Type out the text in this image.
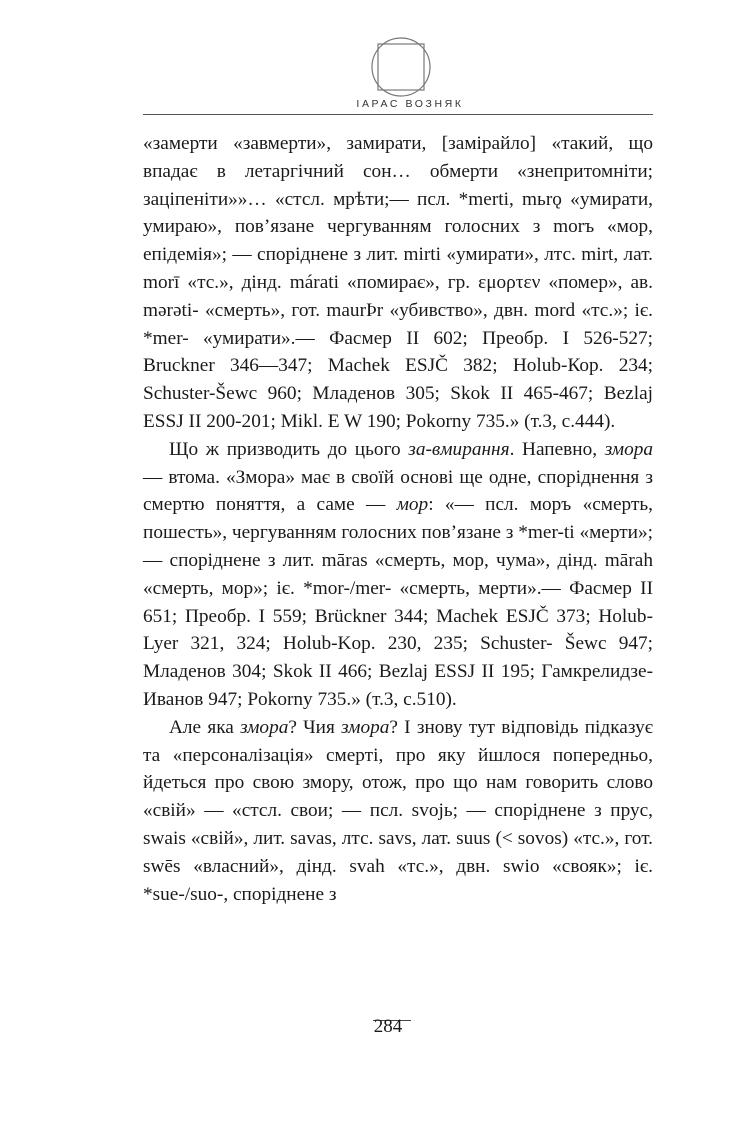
ІАРАС ВОЗНЯК

«замерти «завмерти», замирати, [замірайло] «такий, що впадає в летаргічний сон… обмерти «знепритомніти; заціпеніти»»… «стсл. мрѣти;— псл. *merti, mьrǫ «умирати, умираю», пов’язане чергуванням голосних з morъ «мор, епідемія»; — споріднене з лит. mirti «умирати», лтс. mirt, лат. morī «тс.», дінд. márati «помирає», гр. εμορτεν «помер», ав. mərəti- «смерть», гот. maurÞr «убивство», двн. mord «тс.»; іє. *mer- «умирати».— Фасмер II 602; Преобр. I 526-527; Bruckner 346—347; Machek ESJČ 382; Holub-Кор. 234; Schuster-Šewc 960; Младенов 305; Skok II 465-467; Bezlaj ESSJ II 200-201; Mikl. E W 190; Pokorny 735.» (т.3, с.444).

Що ж призводить до цього за-вмирання. Напевно, змора — втома. «Змора» має в своїй основі ще одне, споріднення з смертю поняття, а саме — мор: «— псл. моръ «смерть, пошесть», чергуванням голосних пов’язане з *mer-ti «мерти»; — споріднене з лит. māras «смерть, мор, чума», дінд. mārah «смерть, мор»; іє. *mor-/mer- «смерть, мерти».— Фасмер II 651; Преобр. I 559; Brückner 344; Machek ESJČ 373; Holub-Lyer 321, 324; Holub-Kop. 230, 235; Schuster- Šewc 947; Младенов 304; Skok II 466; Bezlaj ESSJ II 195; Гамкрелидзе-Иванов 947; Pokorny 735.» (т.3, с.510).

Але яка змора? Чия змора? І знову тут відповідь підказує та «персоналізація» смерті, про яку йшлося попередньо, йдеться про свою змору, отож, про що нам говорить слово «свій» — «стсл. свои; — псл. svojь; — споріднене з прус, swais «свій», лит. savas, лтс. savs, лат. suus (< sovos) «тс.», гот. swēs «власний», дінд. svah «тс.», двн. swio «свояк»; іє. *sue-/suo-, споріднене з

284
